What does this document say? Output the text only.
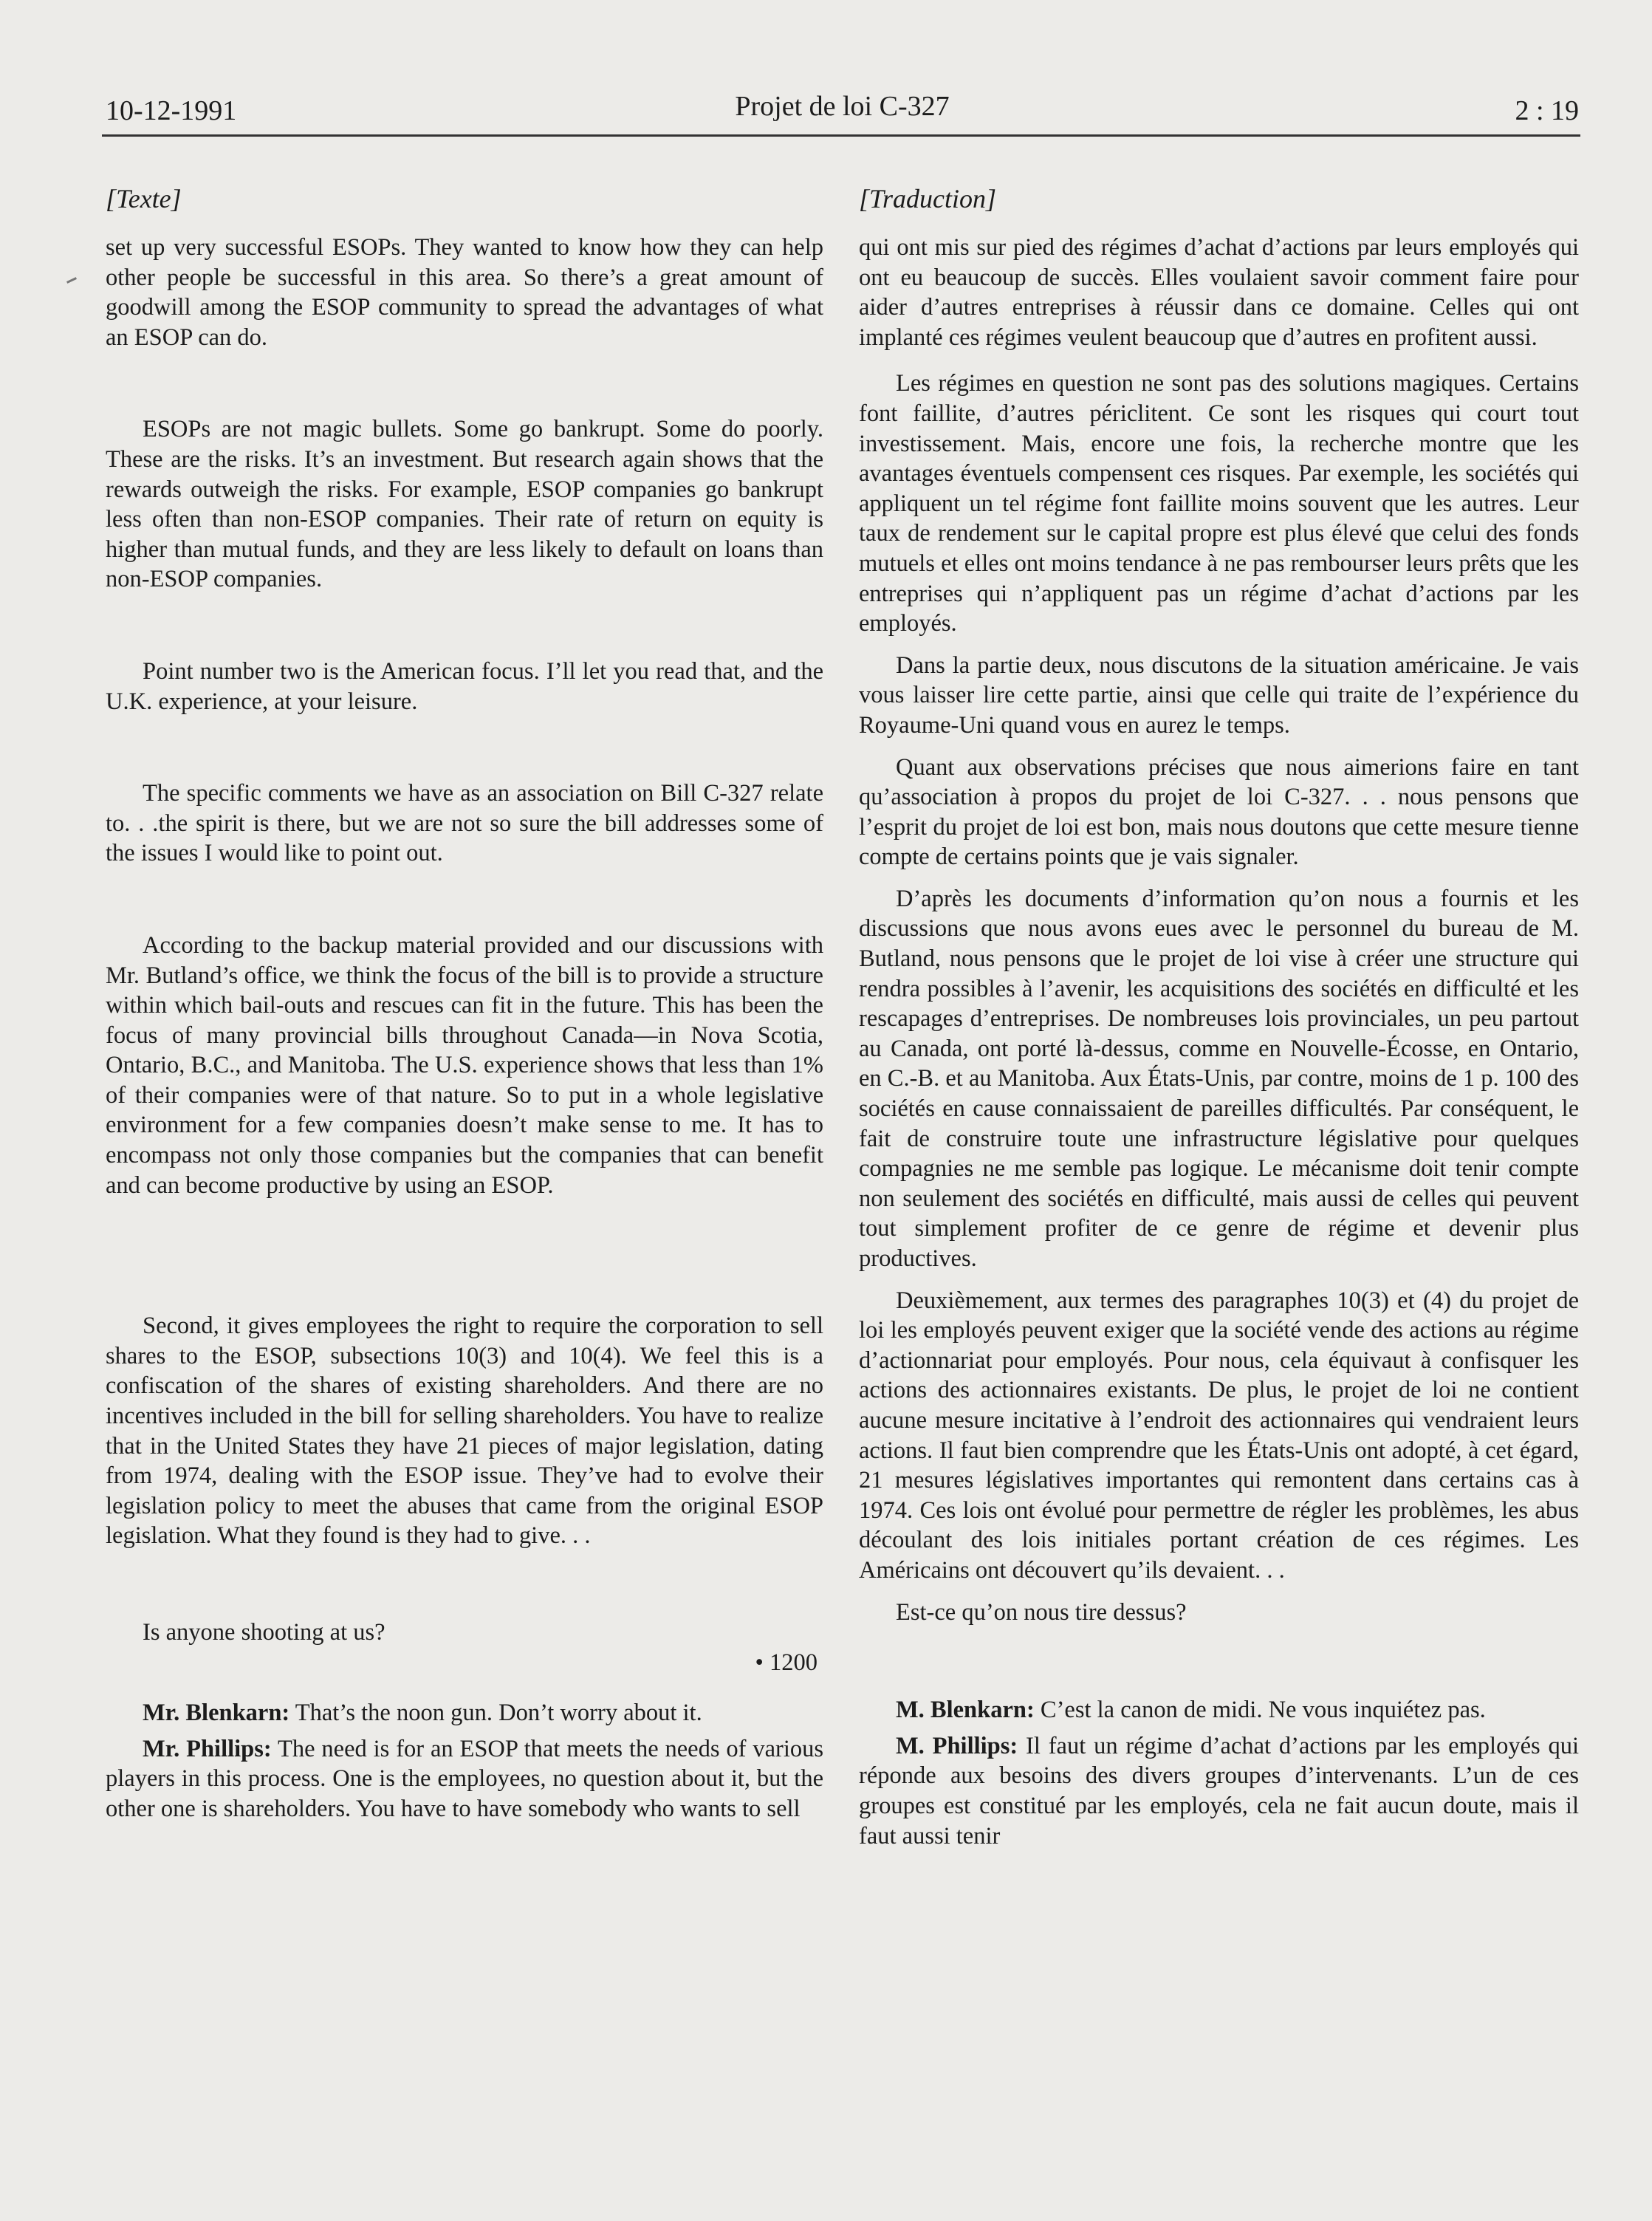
10-12-1991	Projet de loi C-327	2 : 19
[Texte]

set up very successful ESOPs. They wanted to know how they can help other people be successful in this area. So there’s a great amount of goodwill among the ESOP community to spread the advantages of what an ESOP can do.

ESOPs are not magic bullets. Some go bankrupt. Some do poorly. These are the risks. It’s an investment. But research again shows that the rewards outweigh the risks. For example, ESOP companies go bankrupt less often than non-ESOP companies. Their rate of return on equity is higher than mutual funds, and they are less likely to default on loans than non-ESOP companies.

Point number two is the American focus. I’ll let you read that, and the U.K. experience, at your leisure.

The specific comments we have as an association on Bill C-327 relate to. . .the spirit is there, but we are not so sure the bill addresses some of the issues I would like to point out.

According to the backup material provided and our discussions with Mr. Butland’s office, we think the focus of the bill is to provide a structure within which bail-outs and rescues can fit in the future. This has been the focus of many provincial bills throughout Canada—in Nova Scotia, Ontario, B.C., and Manitoba. The U.S. experience shows that less than 1% of their companies were of that nature. So to put in a whole legislative environment for a few companies doesn’t make sense to me. It has to encompass not only those companies but the companies that can benefit and can become productive by using an ESOP.

Second, it gives employees the right to require the corporation to sell shares to the ESOP, subsections 10(3) and 10(4). We feel this is a confiscation of the shares of existing shareholders. And there are no incentives included in the bill for selling shareholders. You have to realize that in the United States they have 21 pieces of major legislation, dating from 1974, dealing with the ESOP issue. They’ve had to evolve their legislation policy to meet the abuses that came from the original ESOP legislation. What they found is they had to give. . .

Is anyone shooting at us?

• 1200

Mr. Blenkarn: That’s the noon gun. Don’t worry about it.

Mr. Phillips: The need is for an ESOP that meets the needs of various players in this process. One is the employees, no question about it, but the other one is shareholders. You have to have somebody who wants to sell

[Traduction]

qui ont mis sur pied des régimes d’achat d’actions par leurs employés qui ont eu beaucoup de succès. Elles voulaient savoir comment faire pour aider d’autres entreprises à réussir dans ce domaine. Celles qui ont implanté ces régimes veulent beaucoup que d’autres en profitent aussi.

Les régimes en question ne sont pas des solutions magiques. Certains font faillite, d’autres périclitent. Ce sont les risques qui court tout investissement. Mais, encore une fois, la recherche montre que les avantages éventuels compensent ces risques. Par exemple, les sociétés qui appliquent un tel régime font faillite moins souvent que les autres. Leur taux de rendement sur le capital propre est plus élevé que celui des fonds mutuels et elles ont moins tendance à ne pas rembourser leurs prêts que les entreprises qui n’appliquent pas un régime d’achat d’actions par les employés.

Dans la partie deux, nous discutons de la situation américaine. Je vais vous laisser lire cette partie, ainsi que celle qui traite de l’expérience du Royaume-Uni quand vous en aurez le temps.

Quant aux observations précises que nous aimerions faire en tant qu’association à propos du projet de loi C-327. . . nous pensons que l’esprit du projet de loi est bon, mais nous doutons que cette mesure tienne compte de certains points que je vais signaler.

D’après les documents d’information qu’on nous a fournis et les discussions que nous avons eues avec le personnel du bureau de M. Butland, nous pensons que le projet de loi vise à créer une structure qui rendra possibles à l’avenir, les acquisitions des sociétés en difficulté et les rescapages d’entreprises. De nombreuses lois provinciales, un peu partout au Canada, ont porté là-dessus, comme en Nouvelle-Écosse, en Ontario, en C.-B. et au Manitoba. Aux États-Unis, par contre, moins de 1 p. 100 des sociétés en cause connaissaient de pareilles difficultés. Par conséquent, le fait de construire toute une infrastructure législative pour quelques compagnies ne me semble pas logique. Le mécanisme doit tenir compte non seulement des sociétés en difficulté, mais aussi de celles qui peuvent tout simplement profiter de ce genre de régime et devenir plus productives.

Deuxièmement, aux termes des paragraphes 10(3) et (4) du projet de loi les employés peuvent exiger que la société vende des actions au régime d’actionnariat pour employés. Pour nous, cela équivaut à confisquer les actions des actionnaires existants. De plus, le projet de loi ne contient aucune mesure incitative à l’endroit des actionnaires qui vendraient leurs actions. Il faut bien comprendre que les États-Unis ont adopté, à cet égard, 21 mesures législatives importantes qui remontent dans certains cas à 1974. Ces lois ont évolué pour permettre de régler les problèmes, les abus découlant des lois initiales portant création de ces régimes. Les Américains ont découvert qu’ils devaient. . .

Est-ce qu’on nous tire dessus?

M. Blenkarn: C’est la canon de midi. Ne vous inquiétez pas.

M. Phillips: Il faut un régime d’achat d’actions par les employés qui réponde aux besoins des divers groupes d’intervenants. L’un de ces groupes est constitué par les employés, cela ne fait aucun doute, mais il faut aussi tenir
